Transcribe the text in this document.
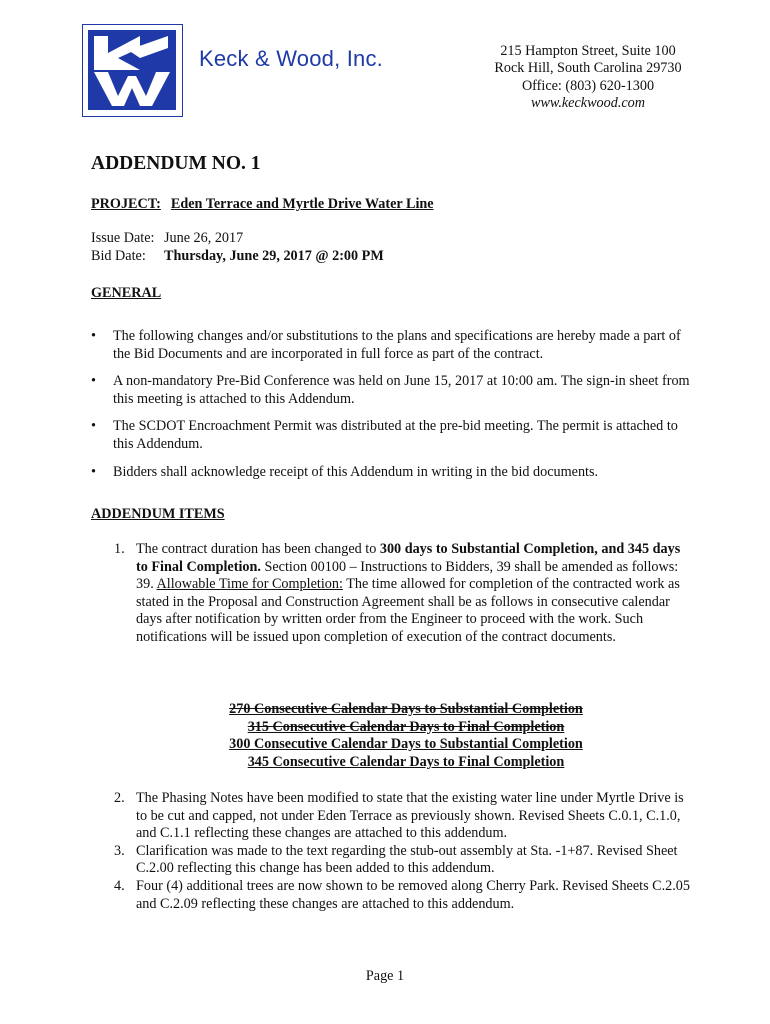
Keck & Wood, Inc.	215 Hampton Street, Suite 100
Rock Hill, South Carolina 29730
Office: (803) 620-1300
www.keckwood.com
ADDENDUM NO. 1
PROJECT: Eden Terrace and Myrtle Drive Water Line
Issue Date: June 26, 2017
Bid Date: Thursday, June 29, 2017 @ 2:00 PM
GENERAL
• The following changes and/or substitutions to the plans and specifications are hereby made a part of the Bid Documents and are incorporated in full force as part of the contract.
• A non-mandatory Pre-Bid Conference was held on June 15, 2017 at 10:00 am. The sign-in sheet from this meeting is attached to this Addendum.
• The SCDOT Encroachment Permit was distributed at the pre-bid meeting. The permit is attached to this Addendum.
• Bidders shall acknowledge receipt of this Addendum in writing in the bid documents.
ADDENDUM ITEMS
1. The contract duration has been changed to 300 days to Substantial Completion, and 345 days to Final Completion. Section 00100 – Instructions to Bidders, 39 shall be amended as follows:
39. Allowable Time for Completion: The time allowed for completion of the contracted work as stated in the Proposal and Construction Agreement shall be as follows in consecutive calendar days after notification by written order from the Engineer to proceed with the work. Such notifications will be issued upon completion of execution of the contract documents.
270 Consecutive Calendar Days to Substantial Completion
315 Consecutive Calendar Days to Final Completion
300 Consecutive Calendar Days to Substantial Completion
345 Consecutive Calendar Days to Final Completion
2. The Phasing Notes have been modified to state that the existing water line under Myrtle Drive is to be cut and capped, not under Eden Terrace as previously shown. Revised Sheets C.0.1, C.1.0, and C.1.1 reflecting these changes are attached to this addendum.
3. Clarification was made to the text regarding the stub-out assembly at Sta. -1+87. Revised Sheet C.2.00 reflecting this change has been added to this addendum.
4. Four (4) additional trees are now shown to be removed along Cherry Park. Revised Sheets C.2.05 and C.2.09 reflecting these changes are attached to this addendum.
Page 1
